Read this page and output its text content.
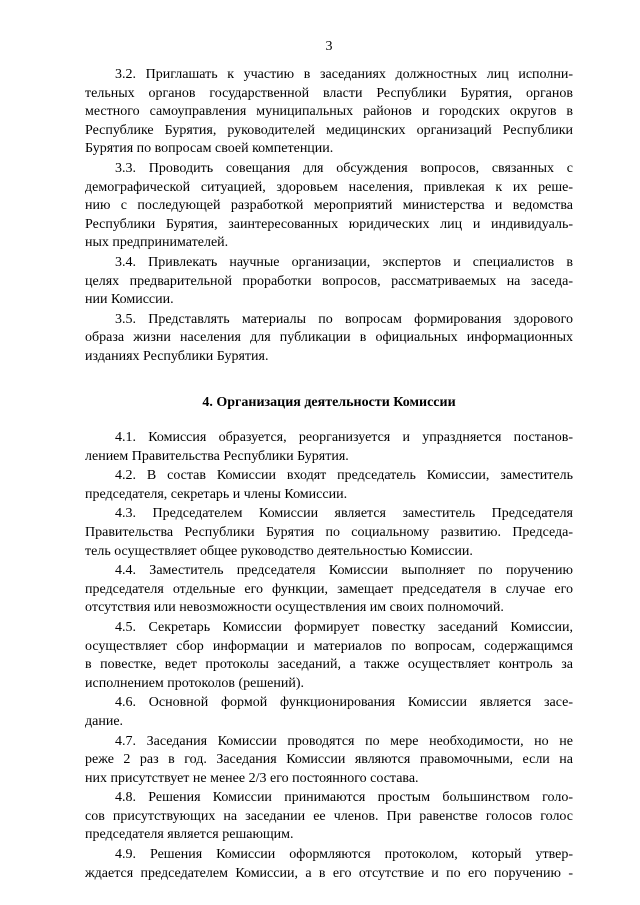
3

3.2. Приглашать к участию в заседаниях должностных лиц исполни-
тельных органов государственной власти Республики Бурятия, органов
местного самоуправления муниципальных районов и городских округов в
Республике Бурятия, руководителей медицинских организаций Республики
Бурятия по вопросам своей компетенции.

3.3. Проводить совещания для обсуждения вопросов, связанных с
демографической ситуацией, здоровьем населения, привлекая к их реше-
нию с последующей разработкой мероприятий министерства и ведомства
Республики Бурятия, заинтересованных юридических лиц и индивидуаль-
ных предпринимателей.

3.4. Привлекать научные организации, экспертов и специалистов в
целях предварительной проработки вопросов, рассматриваемых на заседа-
нии Комиссии.

3.5. Представлять материалы по вопросам формирования здорового
образа жизни населения для публикации в официальных информационных
изданиях Республики Бурятия.

4. Организация деятельности Комиссии

4.1. Комиссия образуется, реорганизуется и упраздняется постанов-
лением Правительства Республики Бурятия.

4.2. В состав Комиссии входят председатель Комиссии, заместитель
председателя, секретарь и члены Комиссии.

4.3. Председателем Комиссии является заместитель Председателя
Правительства Республики Бурятия по социальному развитию. Председа-
тель осуществляет общее руководство деятельностью Комиссии.

4.4. Заместитель председателя Комиссии выполняет по поручению
председателя отдельные его функции, замещает председателя в случае его
отсутствия или невозможности осуществления им своих полномочий.

4.5. Секретарь Комиссии формирует повестку заседаний Комиссии,
осуществляет сбор информации и материалов по вопросам, содержащимся
в повестке, ведет протоколы заседаний, а также осуществляет контроль за
исполнением протоколов (решений).

4.6. Основной формой функционирования Комиссии является засе-
дание.

4.7. Заседания Комиссии проводятся по мере необходимости, но не
реже 2 раз в год. Заседания Комиссии являются правомочными, если на
них присутствует не менее 2/3 его постоянного состава.

4.8. Решения Комиссии принимаются простым большинством голо-
сов присутствующих на заседании ее членов. При равенстве голосов голос
председателя является решающим.

4.9. Решения Комиссии оформляются протоколом, который утвер-
ждается председателем Комиссии, а в его отсутствие и по его поручению -
